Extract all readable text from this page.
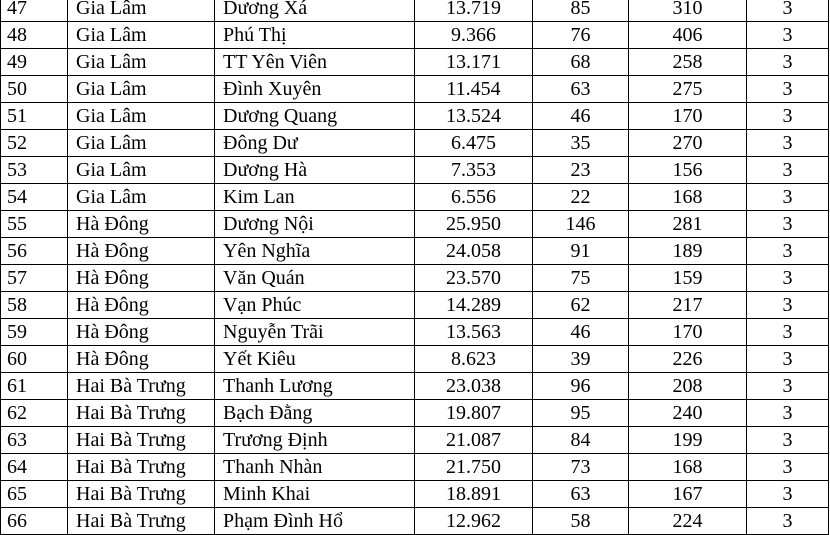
47	Gia Lâm	Dương Xá	13.719	85	310	3
48	Gia Lâm	Phú Thị	9.366	76	406	3
49	Gia Lâm	TT Yên Viên	13.171	68	258	3
50	Gia Lâm	Đình Xuyên	11.454	63	275	3
51	Gia Lâm	Dương Quang	13.524	46	170	3
52	Gia Lâm	Đông Dư	6.475	35	270	3
53	Gia Lâm	Dương Hà	7.353	23	156	3
54	Gia Lâm	Kim Lan	6.556	22	168	3
55	Hà Đông	Dương Nội	25.950	146	281	3
56	Hà Đông	Yên Nghĩa	24.058	91	189	3
57	Hà Đông	Văn Quán	23.570	75	159	3
58	Hà Đông	Vạn Phúc	14.289	62	217	3
59	Hà Đông	Nguyễn Trãi	13.563	46	170	3
60	Hà Đông	Yết Kiêu	8.623	39	226	3
61	Hai Bà Trưng	Thanh Lương	23.038	96	208	3
62	Hai Bà Trưng	Bạch Đằng	19.807	95	240	3
63	Hai Bà Trưng	Trương Định	21.087	84	199	3
64	Hai Bà Trưng	Thanh Nhàn	21.750	73	168	3
65	Hai Bà Trưng	Minh Khai	18.891	63	167	3
66	Hai Bà Trưng	Phạm Đình Hổ	12.962	58	224	3
